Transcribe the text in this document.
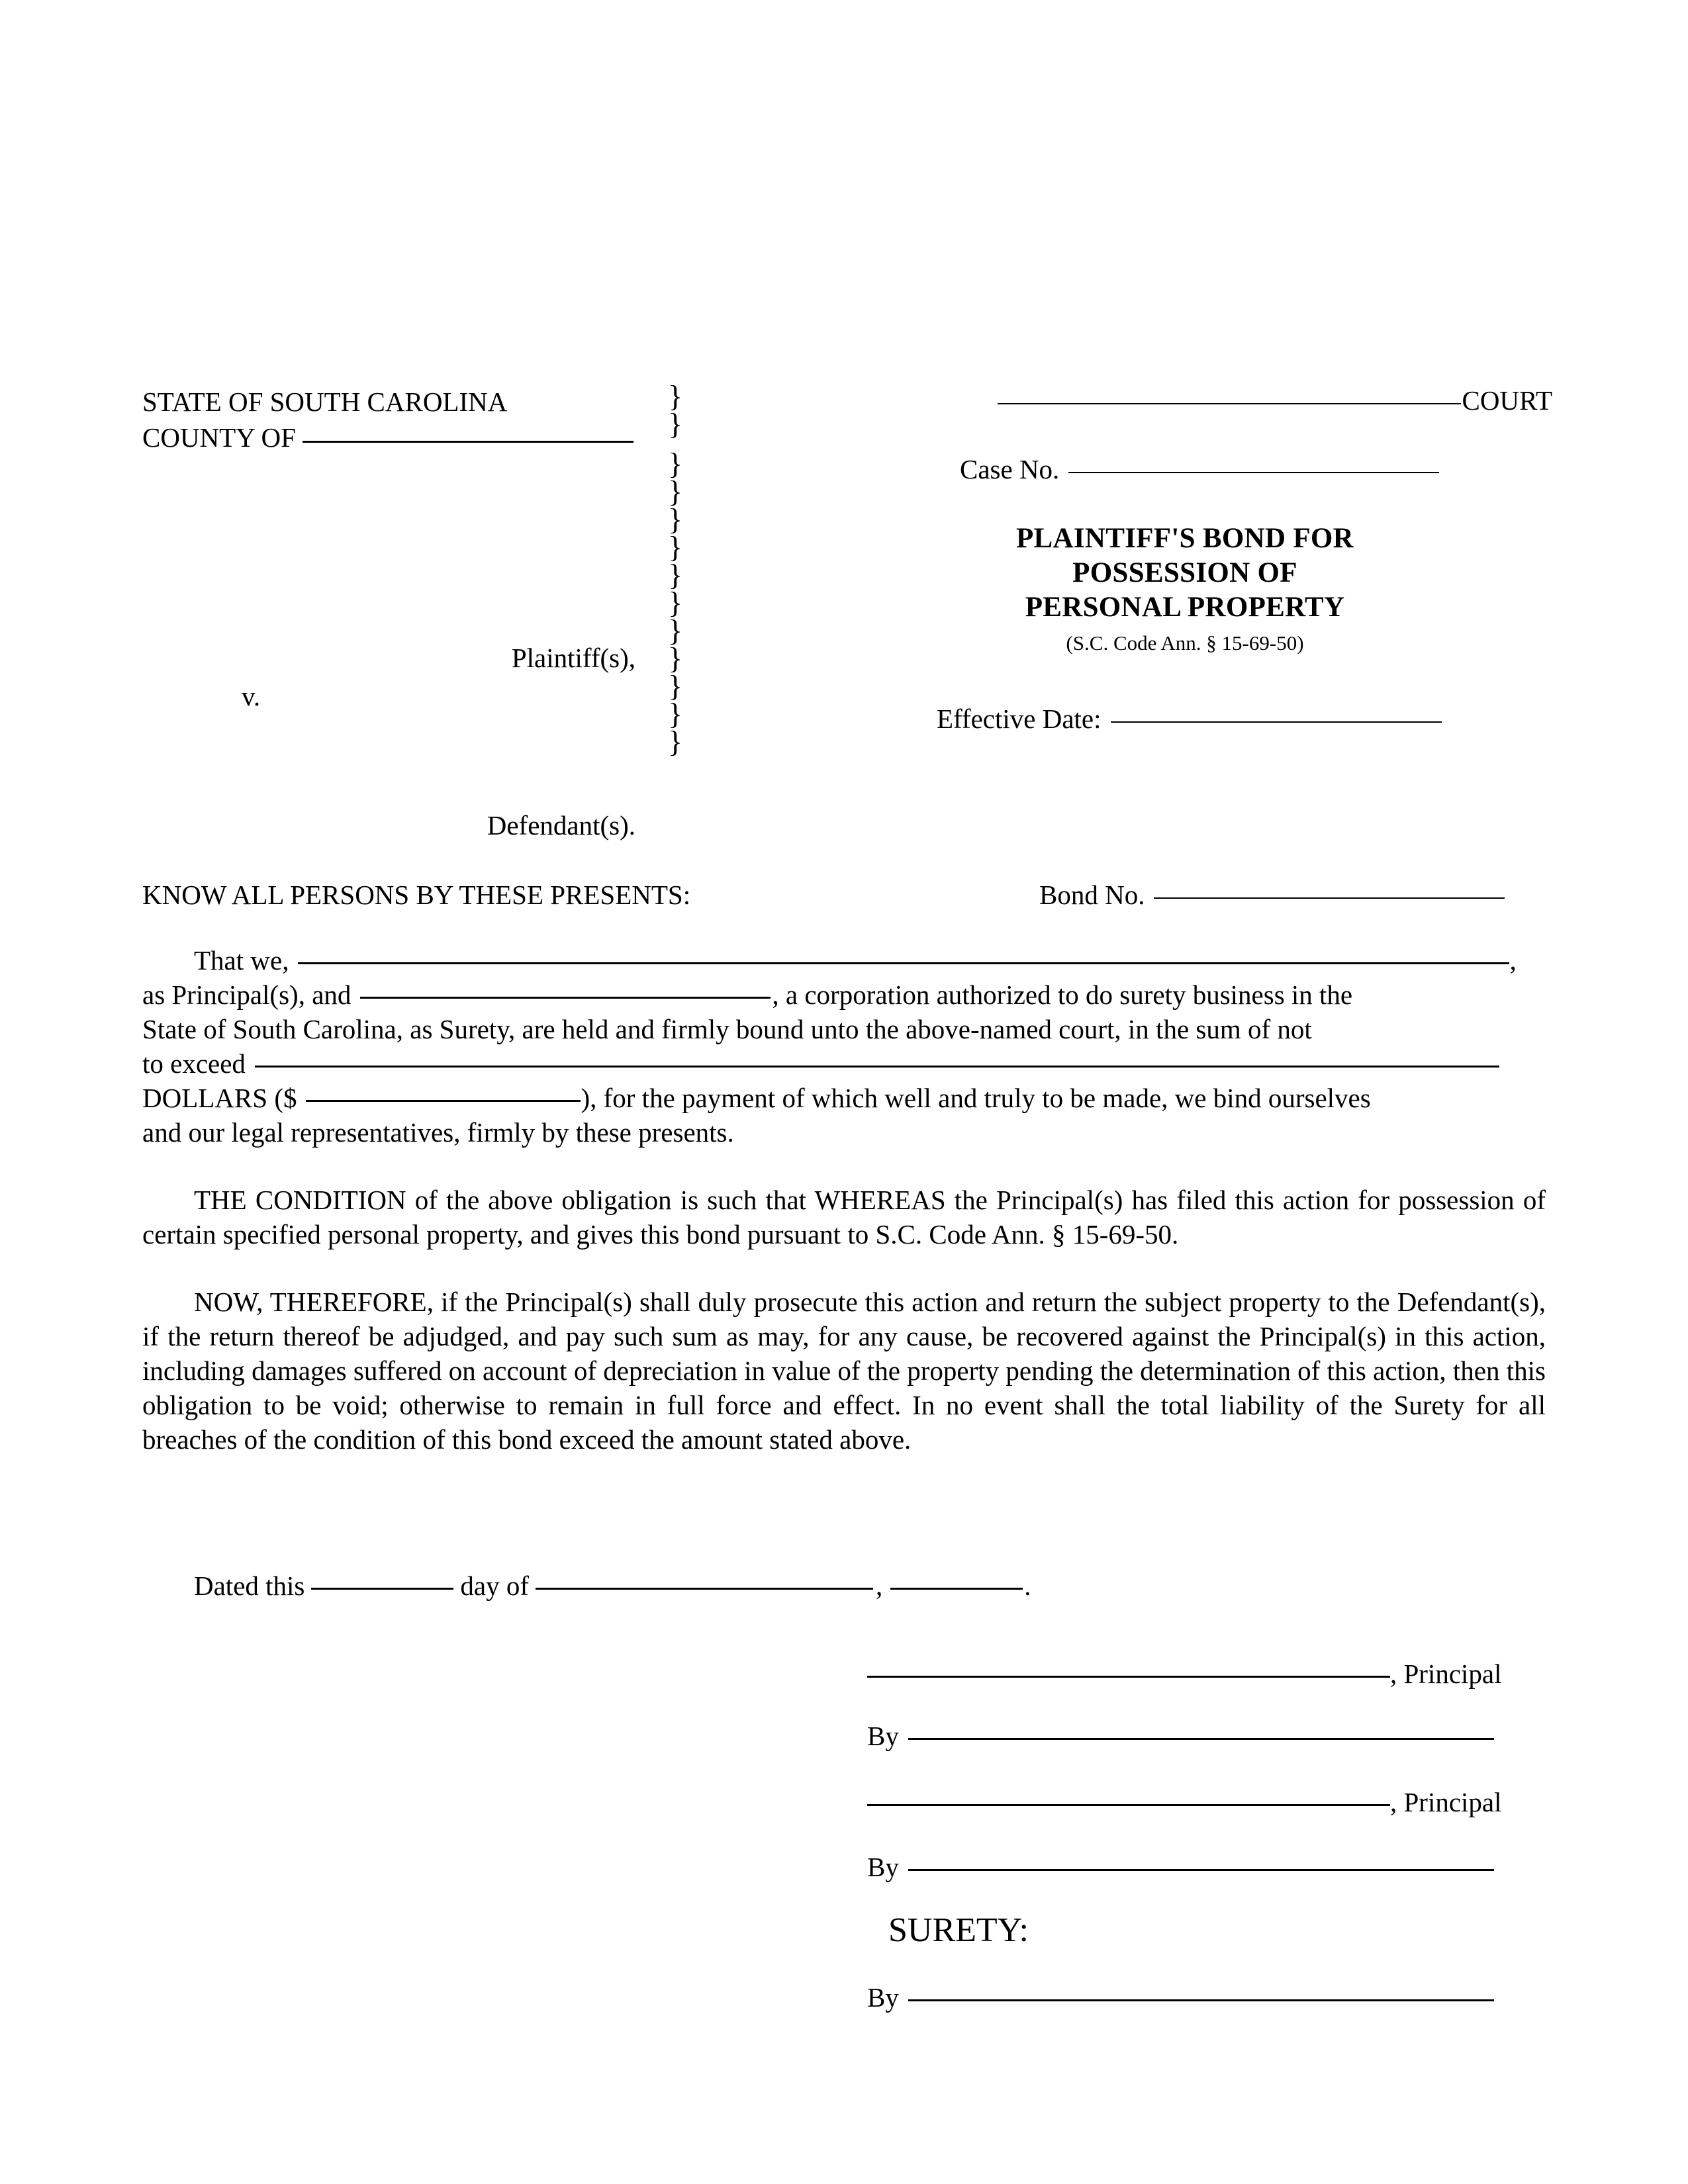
STATE OF SOUTH CAROLINA
COUNTY OF
Plaintiff(s),
v.
Defendant(s).
}
}
}
}
}
}
}
}
}
}
}
}
}
COURT
Case No.
PLAINTIFF'S BOND FOR
POSSESSION OF
PERSONAL PROPERTY
(S.C. Code Ann. § 15-69-50)
Effective Date:
KNOW ALL PERSONS BY THESE PRESENTS:	Bond No.
That we,	,
as Principal(s), and	, a corporation authorized to do surety business in the
State of South Carolina, as Surety, are held and firmly bound unto the above-named court, in the sum of not
to exceed
DOLLARS ($	), for the payment of which well and truly to be made, we bind ourselves
and our legal representatives, firmly by these presents.
THE CONDITION of the above obligation is such that WHEREAS the Principal(s) has filed this action for possession of certain specified personal property, and gives this bond pursuant to S.C. Code Ann. § 15-69-50.
NOW, THEREFORE, if the Principal(s) shall duly prosecute this action and return the subject property to the Defendant(s), if the return thereof be adjudged, and pay such sum as may, for any cause, be recovered against the Principal(s) in this action, including damages suffered on account of depreciation in value of the property pending the determination of this action, then this obligation to be void; otherwise to remain in full force and effect. In no event shall the total liability of the Surety for all breaches of the condition of this bond exceed the amount stated above.
Dated this	day of	,	.
, Principal
By
, Principal
By
SURETY:
By
